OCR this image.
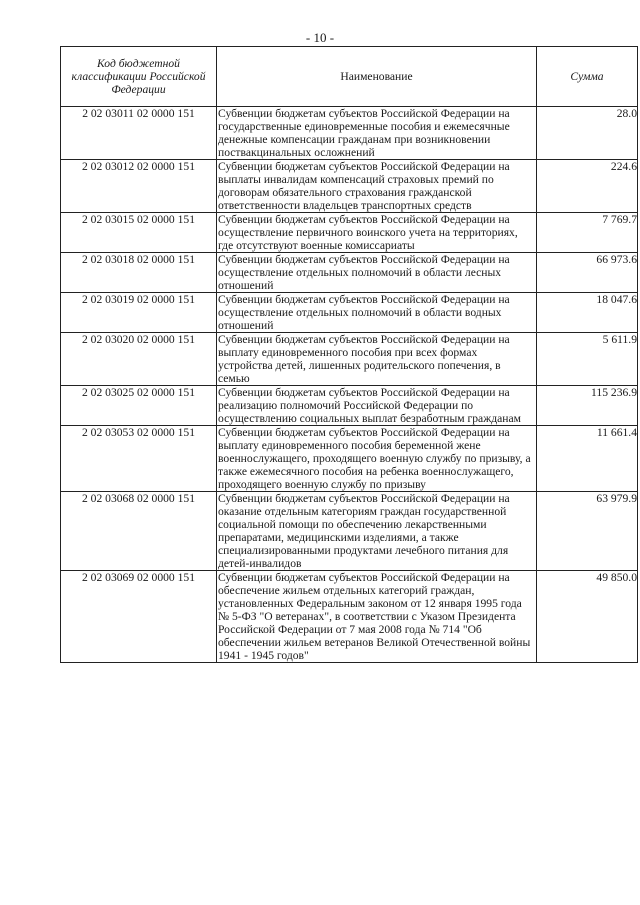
- 10 -
Код бюджетной классификации Российской Федерации	Наименование	Сумма
2 02 03011 02 0000 151	Субвенции бюджетам субъектов Российской Федерации на государственные единовременные пособия и ежемесячные денежные компенсации гражданам при возникновении поствакцинальных осложнений	28.0
2 02 03012 02 0000 151	Субвенции бюджетам субъектов Российской Федерации на выплаты инвалидам компенсаций страховых премий по договорам обязательного страхования гражданской ответственности владельцев транспортных средств	224.6
2 02 03015 02 0000 151	Субвенции бюджетам субъектов Российской Федерации на осуществление первичного воинского учета на территориях, где отсутствуют военные комиссариаты	7 769.7
2 02 03018 02 0000 151	Субвенции бюджетам субъектов Российской Федерации на осуществление отдельных полномочий в области лесных отношений	66 973.6
2 02 03019 02 0000 151	Субвенции бюджетам субъектов Российской Федерации на осуществление отдельных полномочий в области водных отношений	18 047.6
2 02 03020 02 0000 151	Субвенции бюджетам субъектов Российской Федерации на выплату единовременного пособия при всех формах устройства детей, лишенных родительского попечения, в семью	5 611.9
2 02 03025 02 0000 151	Субвенции бюджетам субъектов Российской Федерации на реализацию полномочий Российской Федерации по осуществлению социальных выплат безработным гражданам	115 236.9
2 02 03053 02 0000 151	Субвенции бюджетам субъектов Российской Федерации на выплату единовременного пособия беременной жене военнослужащего, проходящего военную службу по призыву, а также ежемесячного пособия на ребенка военнослужащего, проходящего военную службу по призыву	11 661.4
2 02 03068 02 0000 151	Субвенции бюджетам субъектов Российской Федерации на оказание отдельным категориям граждан государственной социальной помощи по обеспечению лекарственными препаратами, медицинскими изделиями, а также специализированными продуктами лечебного питания для детей-инвалидов	63 979.9
2 02 03069 02 0000 151	Субвенции бюджетам субъектов Российской Федерации на обеспечение жильем отдельных категорий граждан, установленных Федеральным законом от 12 января 1995 года № 5-ФЗ "О ветеранах", в соответствии с Указом Президента Российской Федерации от 7 мая 2008 года № 714 "Об обеспечении жильем ветеранов Великой Отечественной войны 1941 - 1945 годов"	49 850.0
